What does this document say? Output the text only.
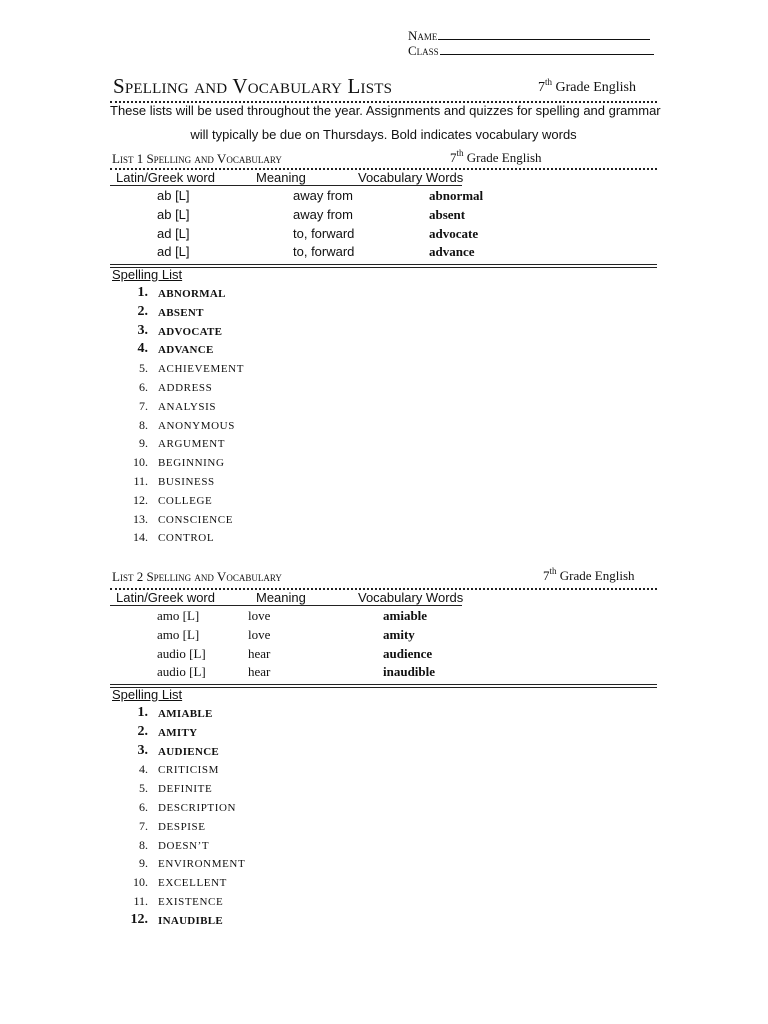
Name
Class
Spelling and Vocabulary Lists	7th Grade English
These lists will be used throughout the year. Assignments and quizzes for spelling and grammar
will typically be due on Thursdays. Bold indicates vocabulary words
List 1 Spelling and Vocabulary	7th Grade English
Latin/Greek word	Meaning	Vocabulary Words
ab [L]	away from	abnormal
ab [L]	away from	absent
ad [L]	to, forward	advocate
ad [L]	to, forward	advance
Spelling List
1. ABNORMAL
2. ABSENT
3. ADVOCATE
4. ADVANCE
5. ACHIEVEMENT
6. ADDRESS
7. ANALYSIS
8. ANONYMOUS
9. ARGUMENT
10. BEGINNING
11. BUSINESS
12. COLLEGE
13. CONSCIENCE
14. CONTROL
List 2 Spelling and Vocabulary	7th Grade English
Latin/Greek word	Meaning	Vocabulary Words
amo [L]	love	amiable
amo [L]	love	amity
audio [L]	hear	audience
audio [L]	hear	inaudible
Spelling List
1. AMIABLE
2. AMITY
3. AUDIENCE
4. CRITICISM
5. DEFINITE
6. DESCRIPTION
7. DESPISE
8. DOESN’T
9. ENVIRONMENT
10. EXCELLENT
11. EXISTENCE
12. INAUDIBLE
